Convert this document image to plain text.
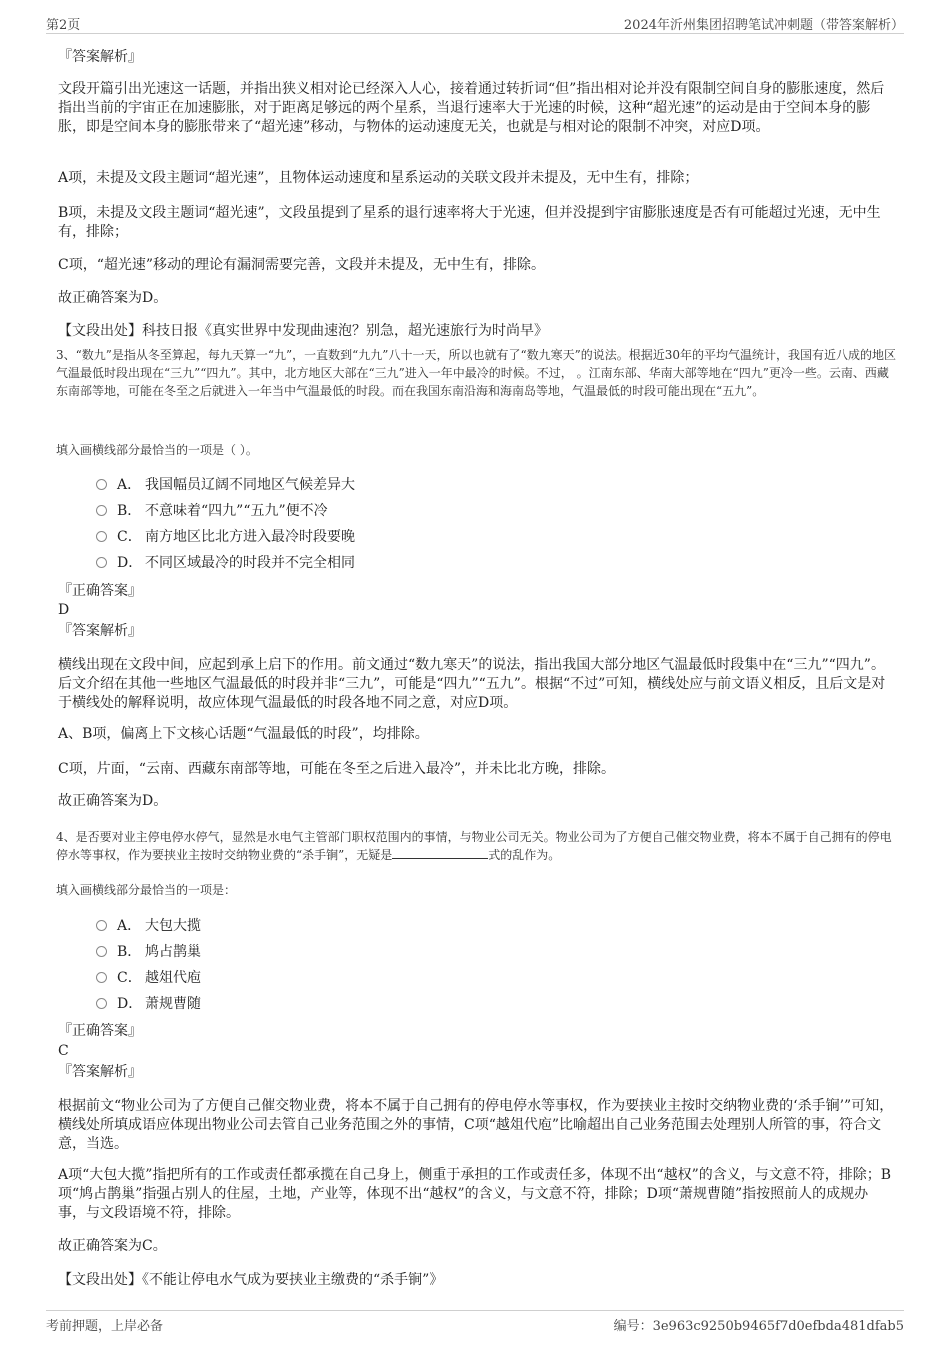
第2页	2024年沂州集团招聘笔试冲刺题（带答案解析）
『答案解析』

文段开篇引出光速这一话题，并指出狭义相对论已经深入人心，接着通过转折词“但”指出相对论并没有限制空间自身的膨胀速度，然后指出当前的宇宙正在加速膨胀，对于距离足够远的两个星系，当退行速率大于光速的时候，这种“超光速”的运动是由于空间本身的膨胀，即是空间本身的膨胀带来了“超光速”移动，与物体的运动速度无关，也就是与相对论的限制不冲突，对应D项。

A项，未提及文段主题词“超光速”，且物体运动速度和星系运动的关联文段并未提及，无中生有，排除；

B项，未提及文段主题词“超光速”，文段虽提到了星系的退行速率将大于光速，但并没提到宇宙膨胀速度是否有可能超过光速，无中生有，排除；

C项，“超光速”移动的理论有漏洞需要完善，文段并未提及，无中生有，排除。

故正确答案为D。

【文段出处】科技日报《真实世界中发现曲速泡？别急，超光速旅行为时尚早》

3、“数九”是指从冬至算起，每九天算一“九”，一直数到“九九”八十一天，所以也就有了“数九寒天”的说法。根据近30年的平均气温统计，我国有近八成的地区气温最低时段出现在“三九”“四九”。其中，北方地区大部在“三九”进入一年中最冷的时候。不过， 。江南东部、华南大部等地在“四九”更冷一些。云南、西藏东南部等地，可能在冬至之后就进入一年当中气温最低的时段。而在我国东南沿海和海南岛等地，气温最低的时段可能出现在“五九”。

填入画横线部分最恰当的一项是（ ）。

A． 我国幅员辽阔不同地区气候差异大
B． 不意味着“四九”“五九”便不冷
C． 南方地区比北方进入最冷时段要晚
D． 不同区域最冷的时段并不完全相同
『正确答案』
D
『答案解析』

横线出现在文段中间，应起到承上启下的作用。前文通过“数九寒天”的说法，指出我国大部分地区气温最低时段集中在“三九”“四九”。后文介绍在其他一些地区气温最低的时段并非“三九”，可能是“四九”“五九”。根据“不过”可知，横线处应与前文语义相反，且后文是对于横线处的解释说明，故应体现气温最低的时段各地不同之意，对应D项。

A、B项，偏离上下文核心话题“气温最低的时段”，均排除。

C项，片面，“云南、西藏东南部等地，可能在冬至之后进入最冷”，并未比北方晚，排除。

故正确答案为D。

4、是否要对业主停电停水停气，显然是水电气主管部门职权范围内的事情，与物业公司无关。物业公司为了方便自己催交物业费，将本不属于自己拥有的停电停水等事权，作为要挟业主按时交纳物业费的“杀手锏”，无疑是	式的乱作为。

填入画横线部分最恰当的一项是：

A． 大包大揽
B． 鸠占鹊巢
C． 越俎代庖
D． 萧规曹随
『正确答案』
C
『答案解析』

根据前文“物业公司为了方便自己催交物业费，将本不属于自己拥有的停电停水等事权，作为要挟业主按时交纳物业费的‘杀手锏’”可知，横线处所填成语应体现出物业公司去管自己业务范围之外的事情，C项“越俎代庖”比喻超出自己业务范围去处理别人所管的事，符合文意，当选。

A项“大包大揽”指把所有的工作或责任都承揽在自己身上，侧重于承担的工作或责任多，体现不出“越权”的含义，与文意不符，排除；B项“鸠占鹊巢”指强占别人的住屋，土地，产业等，体现不出“越权”的含义，与文意不符，排除；D项“萧规曹随”指按照前人的成规办事，与文段语境不符，排除。

故正确答案为C。

【文段出处】《不能让停电水气成为要挟业主缴费的“杀手锏”》

考前押题，上岸必备	编号：3e963c9250b9465f7d0efbda481dfab5
